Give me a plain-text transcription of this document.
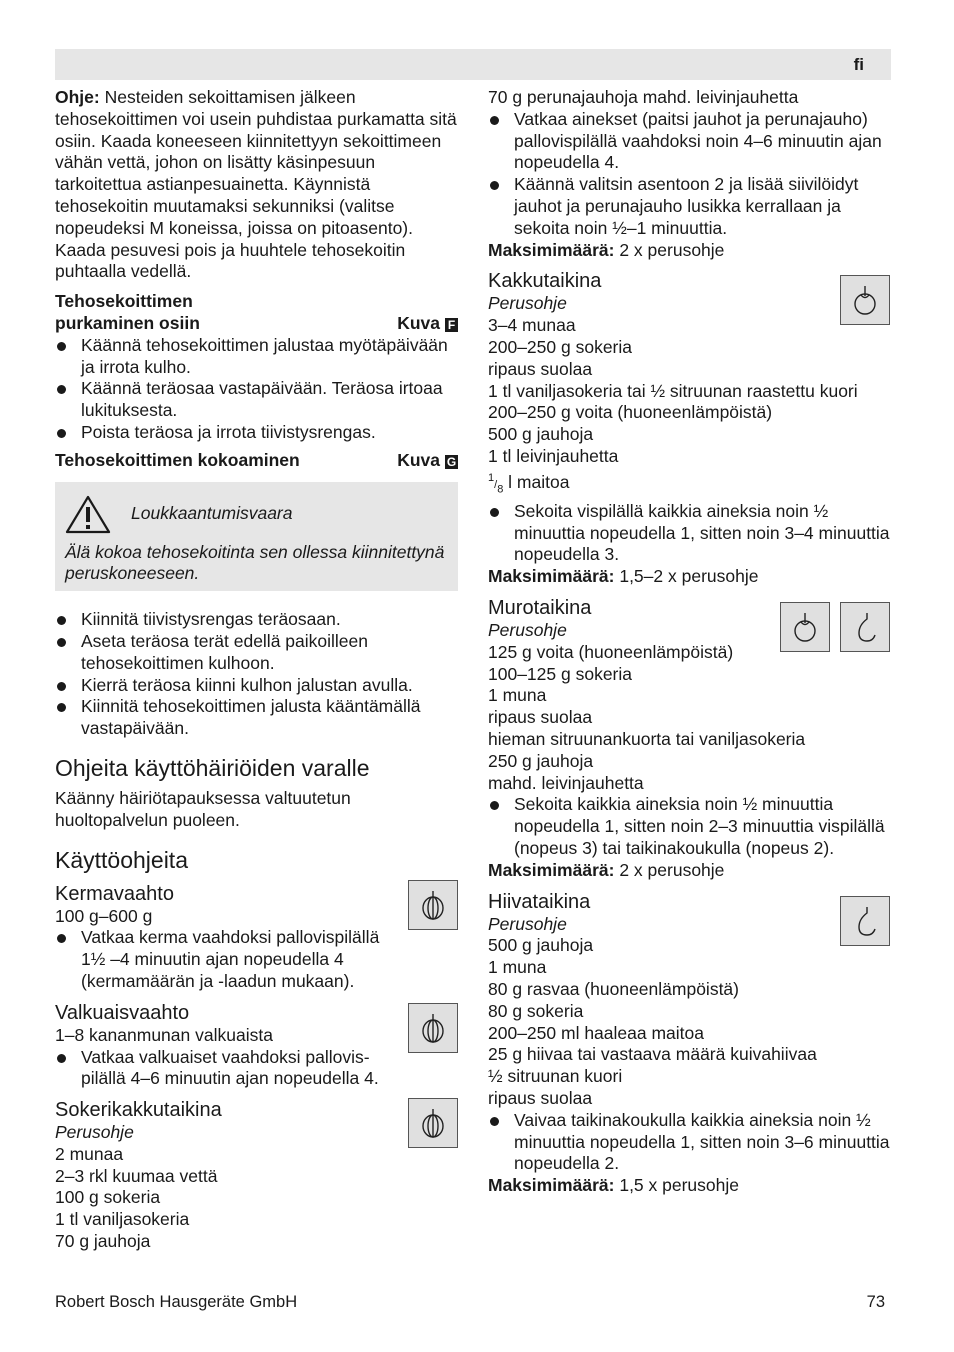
fi

Ohje: Nesteiden sekoittamisen jälkeen tehosekoittimen voi usein puhdistaa purkamatta sitä osiin. Kaada koneeseen kiinnitettyyn sekoittimeen vähän vettä, johon on lisätty käsinpesuun tarkoitettua astianpesuainetta. Käynnistä tehosekoitin muutamaksi sekunniksi (valitse nopeudeksi M koneissa, joissa on pitoasento). Kaada pesuvesi pois ja huuhtele tehosekoitin puhtaalla vedellä.

Tehosekoittimen
purkaminen osiin	Kuva F
Käännä tehosekoittimen jalustaa myötäpäivään ja irrota kulho.
Käännä teräosaa vastapäivään. Teräosa irtoaa lukituksesta.
Poista teräosa ja irrota tiivistysrengas.
Tehosekoittimen kokoaminen	Kuva G
Loukkaantumisvaara

Älä kokoa tehosekoitinta sen ollessa kiinnitettynä peruskoneeseen.

Kiinnitä tiivistysrengas teräosaan.
Aseta teräosa terät edellä paikoilleen tehosekoittimen kulhoon.
Kierrä teräosa kiinni kulhon jalustan avulla.
Kiinnitä tehosekoittimen jalusta kääntämällä vastapäivään.
Ohjeita käyttöhäiriöiden varalle

Käänny häiriötapauksessa valtuutetun huoltopalvelun puoleen.

Käyttöohjeita
Kermavaahto

100 g–600 g

Vatkaa kerma vaahdoksi pallovispilällä 1½ –4 minuutin ajan nopeudella 4 (kermamäärän ja -laadun mukaan).
Valkuaisvaahto

1–8 kananmunan valkuaista

Vatkaa valkuaiset vaahdoksi pallovis-pilällä 4–6 minuutin ajan nopeudella 4.
Sokerikakkutaikina

Perusohje

2 munaa

2–3 rkl kuumaa vettä

100 g sokeria

1 tl vaniljasokeria

70 g jauhoja

70 g perunajauhoja mahd. leivinjauhetta

Vatkaa ainekset (paitsi jauhot ja perunajauho) pallovispilällä vaahdoksi noin 4–6 minuutin ajan nopeudella 4.
Käännä valitsin asentoon 2 ja lisää siivilöidyt jauhot ja perunajauho lusikka kerrallaan ja sekoita noin ½–1 minuuttia.

Maksimimäärä: 2 x perusohje

Kakkutaikina

Perusohje

3–4 munaa

200–250 g sokeria

ripaus suolaa

1 tl vaniljasokeria tai ½ sitruunan raastettu kuori

200–250 g voita (huoneenlämpöistä)

500 g jauhoja

1 tl leivinjauhetta

$^1/_8$ l maitoa

Sekoita vispilällä kaikkia aineksia noin ½ minuuttia nopeudella 1, sitten noin 3–4 minuuttia nopeudella 3.

Maksimimäärä: 1,5–2 x perusohje

Murotaikina

Perusohje

125 g voita (huoneenlämpöistä)

100–125 g sokeria

1 muna

ripaus suolaa

hieman sitruunankuorta tai vaniljasokeria

250 g jauhoja

mahd. leivinjauhetta

Sekoita kaikkia aineksia noin ½ minuuttia nopeudella 1, sitten noin 2–3 minuuttia vispilällä (nopeus 3) tai taikinakoukulla (nopeus 2).

Maksimimäärä: 2 x perusohje

Hiivataikina

Perusohje

500 g jauhoja

1 muna

80 g rasvaa (huoneenlämpöistä)

80 g sokeria

200–250 ml haaleaa maitoa

25 g hiivaa tai vastaava määrä kuivahiivaa

½ sitruunan kuori

ripaus suolaa

Vaivaa taikinakoukulla kaikkia aineksia noin ½ minuuttia nopeudella 1, sitten noin 3–6 minuuttia nopeudella 2.

Maksimimäärä: 1,5 x perusohje

Robert Bosch Hausgeräte GmbH	73
